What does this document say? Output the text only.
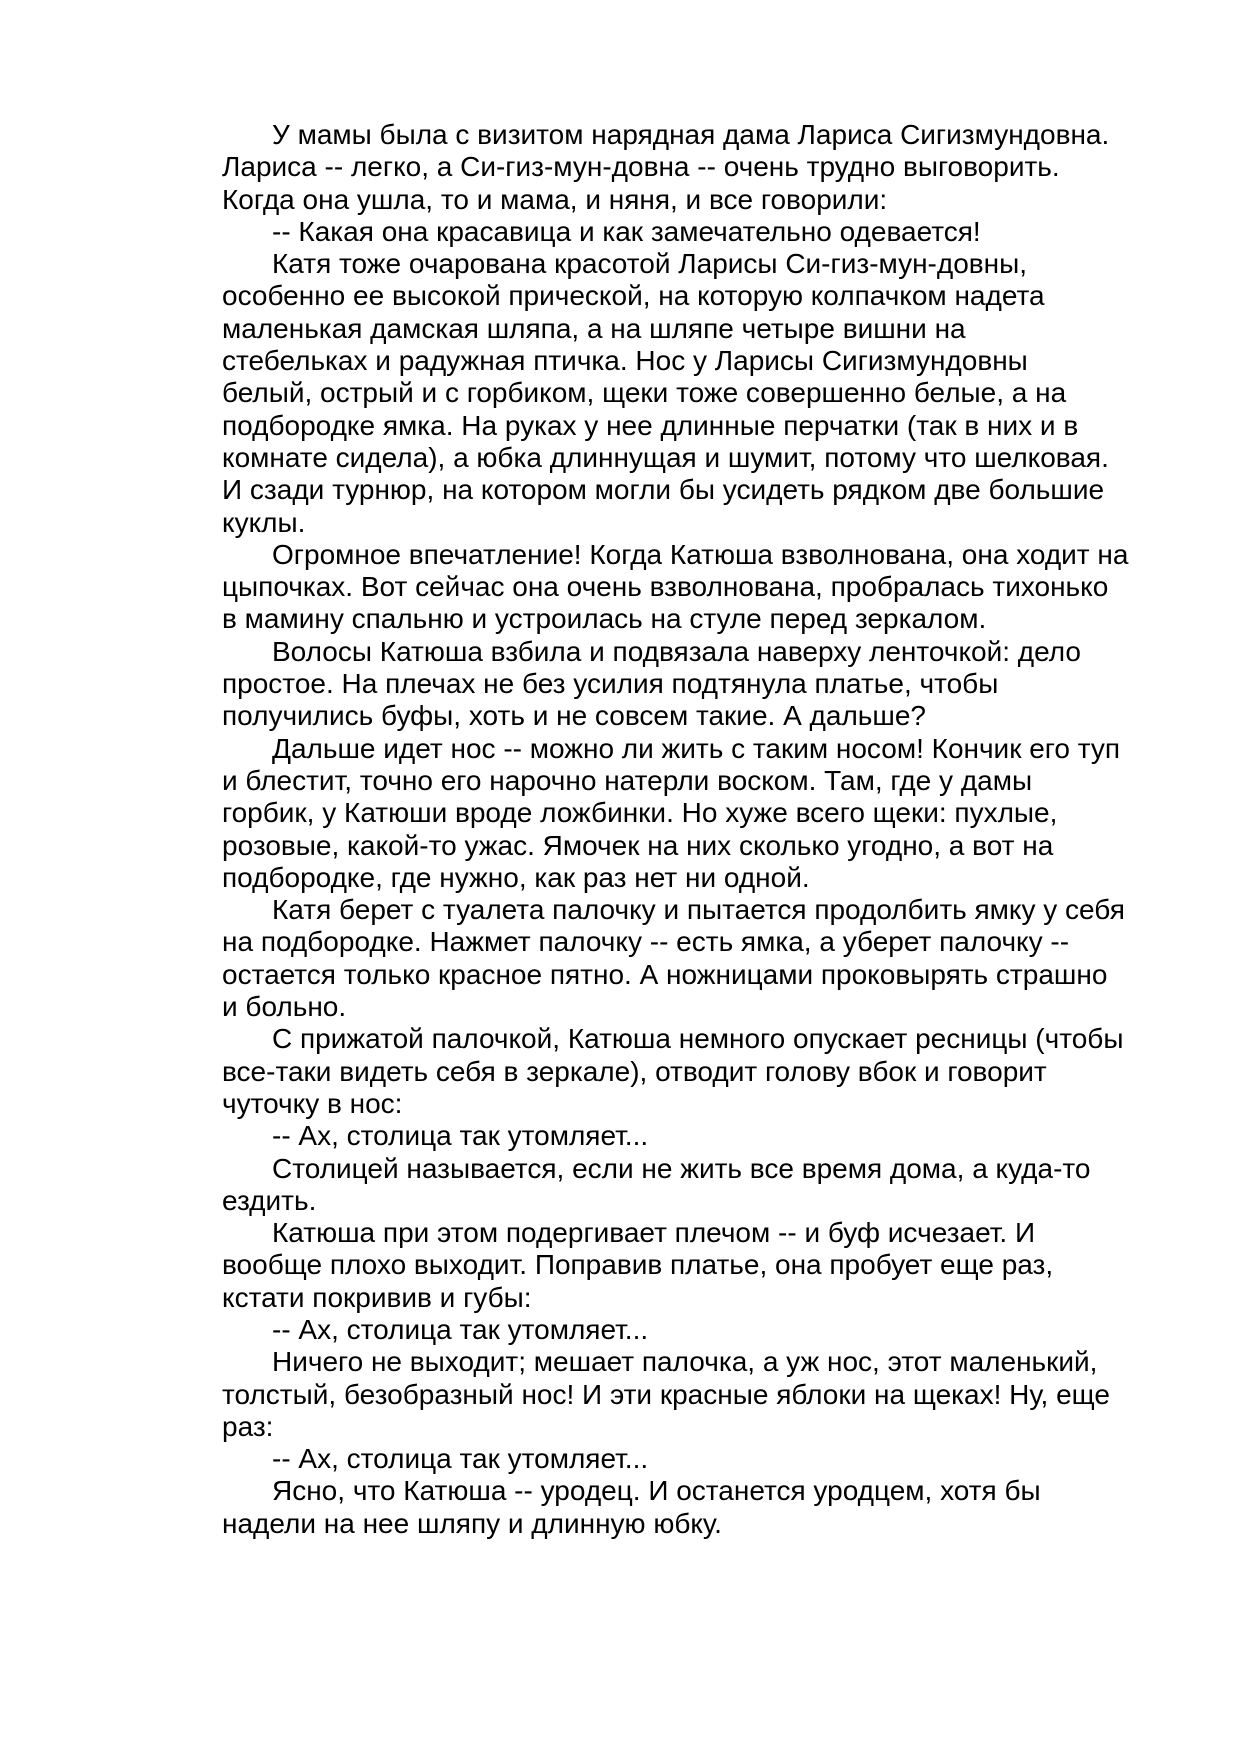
У мамы была с визитом нарядная дама Лариса Сигизмундовна.
Лариса -- легко, а Си-гиз-мун-довна -- очень трудно выговорить.
Когда она ушла, то и мама, и няня, и все говорили:
-- Какая она красавица и как замечательно одевается!
Катя тоже очарована красотой Ларисы Си-гиз-мун-довны,
особенно ее высокой прической, на которую колпачком надета
маленькая дамская шляпа, а на шляпе четыре вишни на
стебельках и радужная птичка. Нос у Ларисы Сигизмундовны
белый, острый и с горбиком, щеки тоже совершенно белые, а на
подбородке ямка. На руках у нее длинные перчатки (так в них и в
комнате сидела), а юбка длиннущая и шумит, потому что шелковая.
И сзади турнюр, на котором могли бы усидеть рядком две большие
куклы.
Огромное впечатление! Когда Катюша взволнована, она ходит на
цыпочках. Вот сейчас она очень взволнована, пробралась тихонько
в мамину спальню и устроилась на стуле перед зеркалом.
Волосы Катюша взбила и подвязала наверху ленточкой: дело
простое. На плечах не без усилия подтянула платье, чтобы
получились буфы, хоть и не совсем такие. А дальше?
Дальше идет нос -- можно ли жить с таким носом! Кончик его туп
и блестит, точно его нарочно натерли воском. Там, где у дамы
горбик, у Катюши вроде ложбинки. Но хуже всего щеки: пухлые,
розовые, какой-то ужас. Ямочек на них сколько угодно, а вот на
подбородке, где нужно, как раз нет ни одной.
Катя берет с туалета палочку и пытается продолбить ямку у себя
на подбородке. Нажмет палочку -- есть ямка, а уберет палочку --
остается только красное пятно. А ножницами проковырять страшно
и больно.
С прижатой палочкой, Катюша немного опускает ресницы (чтобы
все-таки видеть себя в зеркале), отводит голову вбок и говорит
чуточку в нос:
-- Ах, столица так утомляет...
Столицей называется, если не жить все время дома, а куда-то
ездить.
Катюша при этом подергивает плечом -- и буф исчезает. И
вообще плохо выходит. Поправив платье, она пробует еще раз,
кстати покривив и губы:
-- Ах, столица так утомляет...
Ничего не выходит; мешает палочка, а уж нос, этот маленький,
толстый, безобразный нос! И эти красные яблоки на щеках! Ну, еще
раз:
-- Ах, столица так утомляет...
Ясно, что Катюша -- уродец. И останется уродцем, хотя бы
надели на нее шляпу и длинную юбку.
